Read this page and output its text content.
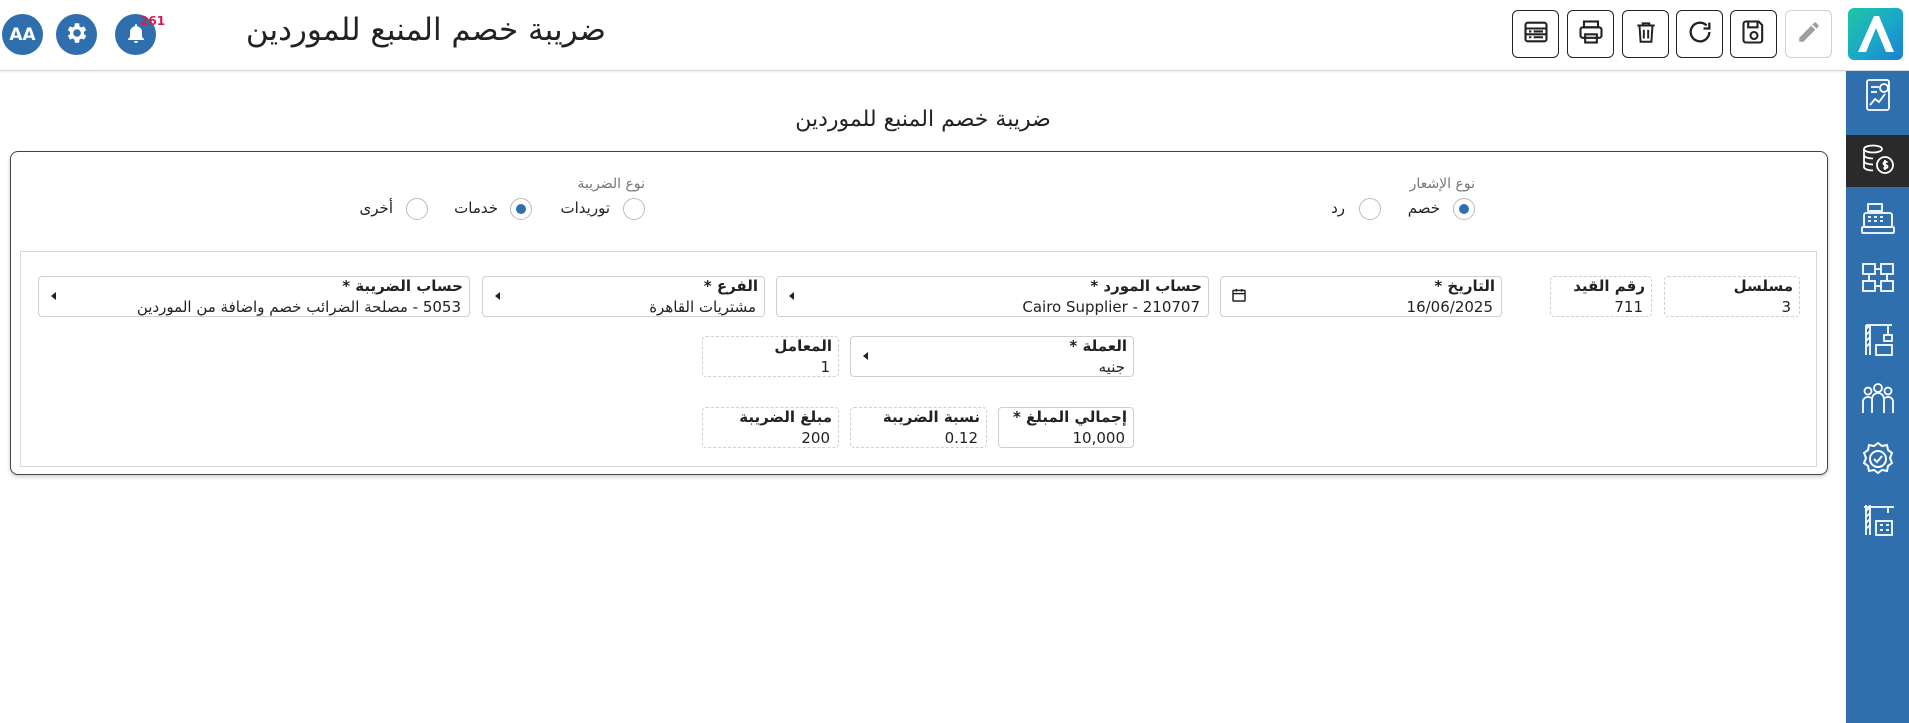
ضريبة خصم المنبع للموردين
261
AA
ضريبة خصم المنبع للموردين
نوع الإشعار
خصم
رد
نوع الضريبة
توريدات
خدمات
أخرى
مسلسل
3
رقم القيد
711
التاريخ *
16/06/2025
حساب المورد *
Cairo Supplier - 210707
الفرع *
مشتريات القاهرة
حساب الضريبة *
5053 - مصلحة الضرائب خصم واضافة من الموردين
العملة *
جنيه
المعامل
1
إجمالي المبلغ *
10,000
نسبة الضريبة
0.12
مبلغ الضريبة
200
